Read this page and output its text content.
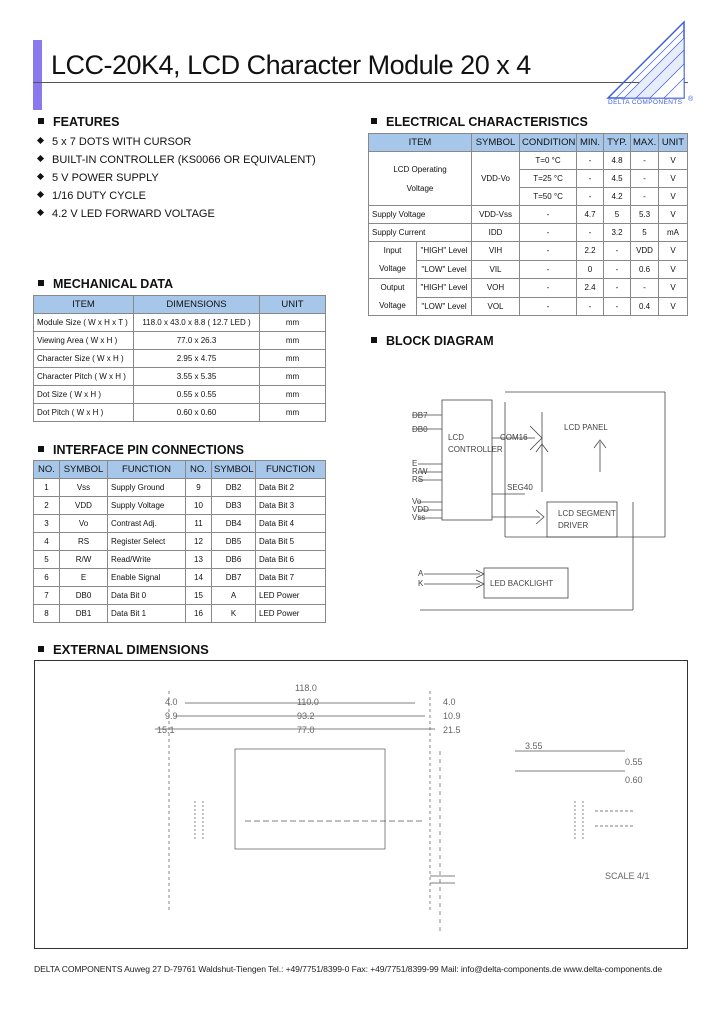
LCC-20K4, LCD Character Module 20 x 4
DELTA COMPONENTS ®
FEATURES
5 x 7 DOTS WITH CURSOR
BUILT-IN CONTROLLER (KS0066 OR EQUIVALENT)
5 V POWER SUPPLY
1/16 DUTY CYCLE
4.2 V LED FORWARD VOLTAGE
MECHANICAL DATA
ITEM	DIMENSIONS	UNIT
Module Size ( W x H x T )	118.0 x 43.0 x 8.8 ( 12.7 LED )	mm
Viewing Area ( W x H )	77.0 x 26.3	mm
Character Size ( W x H )	2.95 x 4.75	mm
Character Pitch ( W x H )	3.55 x 5.35	mm
Dot Size ( W x H )	0.55 x 0.55	mm
Dot Pitch ( W x H )	0.60 x 0.60	mm
INTERFACE PIN CONNECTIONS
NO.	SYMBOL	FUNCTION	NO.	SYMBOL	FUNCTION
1	Vss	Supply Ground	9	DB2	Data Bit 2
2	VDD	Supply Voltage	10	DB3	Data Bit 3
3	Vo	Contrast Adj.	11	DB4	Data Bit 4
4	RS	Register Select	12	DB5	Data Bit 5
5	R/W	Read/Write	13	DB6	Data Bit 6
6	E	Enable Signal	14	DB7	Data Bit 7
7	DB0	Data Bit 0	15	A	LED Power
8	DB1	Data Bit 1	16	K	LED Power
ELECTRICAL CHARACTERISTICS
ITEM		SYMBOL	CONDITION	MIN.	TYP.	MAX.	UNIT
LCD Operating
Voltage		VDD-Vo	T=0 °C	-	4.8	-	V
			T=25 °C	-	4.5	-	V
			T=50 °C	-	4.2	-	V
Supply Voltage		VDD-Vss	-	4.7	5	5.3	V
Supply Current		IDD	-	-	3.2	5	mA
Input
Voltage	"HIGH" Level	VIH	-	2.2	-	VDD	V
	"LOW" Level	VIL	-	0	-	0.6	V
Output
Voltage	"HIGH" Level	VOH	-	2.4	-	-	V
	"LOW" Level	VOL	-	-	-	0.4	V
BLOCK DIAGRAM
DB7
DB0
LCD
CONTROLLER
E
R/W
RS
Vo
VDD
Vss
COM16
SEG40
LCD PANEL
LCD SEGMENT
DRIVER
A
K	LED BACKLIGHT
EXTERNAL DIMENSIONS
118.0
110.0
4.0
93.2
9.9
15.1	77.0
4.0
10.9
21.5
0.55
0.60
3.55
SCALE 4/1
DELTA COMPONENTS Auweg 27 D-79761 Waldshut-Tiengen Tel.: +49/7751/8399-0 Fax: +49/7751/8399-99 Mail: info@delta-components.de www.delta-components.de
